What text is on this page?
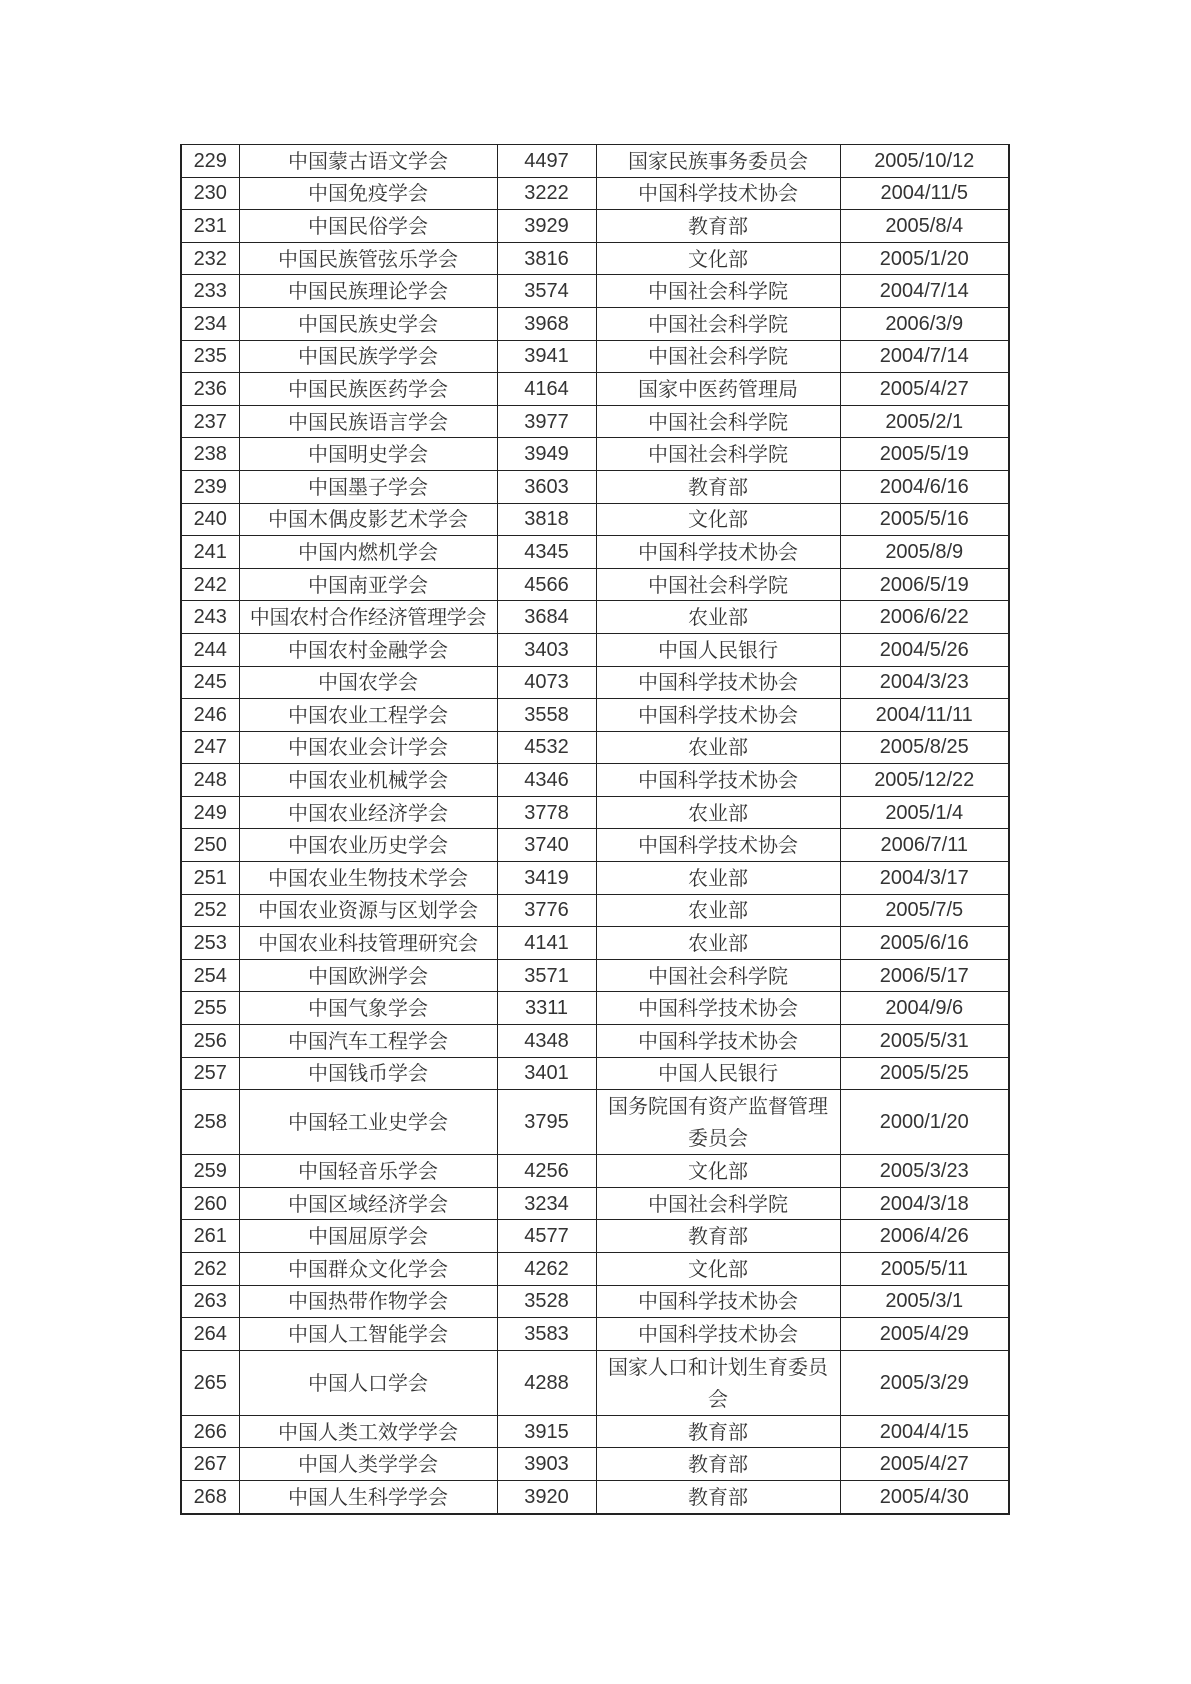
229	中国蒙古语文学会	4497	国家民族事务委员会	2005/10/12
230	中国免疫学会	3222	中国科学技术协会	2004/11/5
231	中国民俗学会	3929	教育部	2005/8/4
232	中国民族管弦乐学会	3816	文化部	2005/1/20
233	中国民族理论学会	3574	中国社会科学院	2004/7/14
234	中国民族史学会	3968	中国社会科学院	2006/3/9
235	中国民族学学会	3941	中国社会科学院	2004/7/14
236	中国民族医药学会	4164	国家中医药管理局	2005/4/27
237	中国民族语言学会	3977	中国社会科学院	2005/2/1
238	中国明史学会	3949	中国社会科学院	2005/5/19
239	中国墨子学会	3603	教育部	2004/6/16
240	中国木偶皮影艺术学会	3818	文化部	2005/5/16
241	中国内燃机学会	4345	中国科学技术协会	2005/8/9
242	中国南亚学会	4566	中国社会科学院	2006/5/19
243	中国农村合作经济管理学会	3684	农业部	2006/6/22
244	中国农村金融学会	3403	中国人民银行	2004/5/26
245	中国农学会	4073	中国科学技术协会	2004/3/23
246	中国农业工程学会	3558	中国科学技术协会	2004/11/11
247	中国农业会计学会	4532	农业部	2005/8/25
248	中国农业机械学会	4346	中国科学技术协会	2005/12/22
249	中国农业经济学会	3778	农业部	2005/1/4
250	中国农业历史学会	3740	中国科学技术协会	2006/7/11
251	中国农业生物技术学会	3419	农业部	2004/3/17
252	中国农业资源与区划学会	3776	农业部	2005/7/5
253	中国农业科技管理研究会	4141	农业部	2005/6/16
254	中国欧洲学会	3571	中国社会科学院	2006/5/17
255	中国气象学会	3311	中国科学技术协会	2004/9/6
256	中国汽车工程学会	4348	中国科学技术协会	2005/5/31
257	中国钱币学会	3401	中国人民银行	2005/5/25
258	中国轻工业史学会	3795	国务院国有资产监督管理委员会	2000/1/20
259	中国轻音乐学会	4256	文化部	2005/3/23
260	中国区域经济学会	3234	中国社会科学院	2004/3/18
261	中国屈原学会	4577	教育部	2006/4/26
262	中国群众文化学会	4262	文化部	2005/5/11
263	中国热带作物学会	3528	中国科学技术协会	2005/3/1
264	中国人工智能学会	3583	中国科学技术协会	2005/4/29
265	中国人口学会	4288	国家人口和计划生育委员会	2005/3/29
266	中国人类工效学学会	3915	教育部	2004/4/15
267	中国人类学学会	3903	教育部	2005/4/27
268	中国人生科学学会	3920	教育部	2005/4/30
